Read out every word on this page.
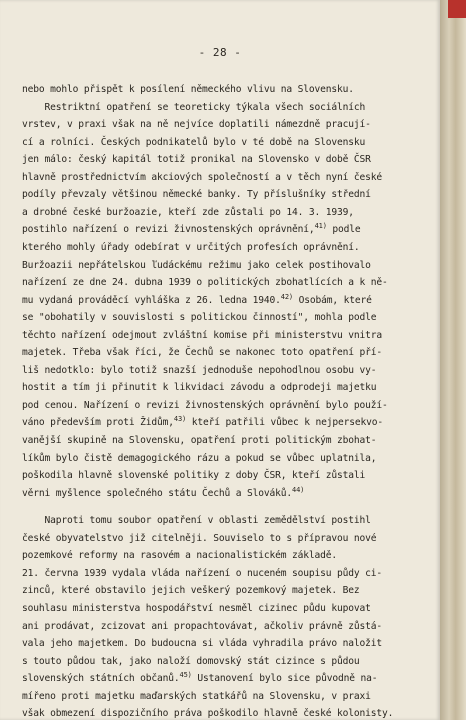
- 28 -
nebo mohlo přispět k posílení německého vlivu na Slovensku.
Restriktní opatření se teoreticky týkala všech sociálních
vrstev, v praxi však na ně nejvíce doplatili námezdně pracují-
cí a rolníci. Českých podnikatelů bylo v té době na Slovensku
jen málo: český kapitál totiž pronikal na Slovensko v době ČSR
hlavně prostřednictvím akciových společností a v těch nyní české
podíly převzaly většinou německé banky. Ty příslušníky střední
a drobné české buržoazie, kteří zde zůstali po 14. 3. 1939,
postihlo nařízení o revizi živnostenských oprávnění,$^{41)}$ podle
kterého mohly úřady odebírat v určitých profesích oprávnění.
Buržoazii nepřátelskou ľudáckému režimu jako celek postihovalo
nařízení ze dne 24. dubna 1939 o politických zbohatlících a k ně-
mu vydaná prováděcí vyhláška z 26. ledna 1940.$^{42)}$ Osobám, které
se "obohatily v souvislosti s politickou činností", mohla podle
těchto nařízení odejmout zvláštní komise při ministerstvu vnitra
majetek. Třeba však říci, že Čechů se nakonec toto opatření pří-
liš nedotklo: bylo totiž snazší jednoduše nepohodlnou osobu vy-
hostit a tím ji přinutit k likvidaci závodu a odprodeji majetku
pod cenou. Nařízení o revizi živnostenských oprávnění bylo použí-
váno především proti Židům,$^{43)}$ kteří patřili vůbec k nejpersekvo-
vanější skupině na Slovensku, opatření proti politickým zbohat-
líkům bylo čistě demagogického rázu a pokud se vůbec uplatnila,
poškodila hlavně slovenské politiky z doby ČSR, kteří zůstali
věrni myšlence společného státu Čechů a Slováků.$^{44)}$
Naproti tomu soubor opatření v oblasti zemědělství postihl
české obyvatelstvo již citelněji. Souviselo to s přípravou nové
pozemkové reformy na rasovém a nacionalistickém základě.
21. června 1939 vydala vláda nařízení o nuceném soupisu půdy ci-
zinců, které obstavilo jejich veškerý pozemkový majetek. Bez
souhlasu ministerstva hospodářství nesměl cizinec půdu kupovat
ani prodávat, zcizovat ani propachtovávat, ačkoliv právně zůstá-
vala jeho majetkem. Do budoucna si vláda vyhradila právo naložit
s touto půdou tak, jako naloží domovský stát cizince s půdou
slovenských státních občanů.$^{45)}$ Ustanovení bylo sice původně na-
mířeno proti majetku maďarských statkářů na Slovensku, v praxi
však obmezení dispozičního práva poškodilo hlavně české kolonisty.
